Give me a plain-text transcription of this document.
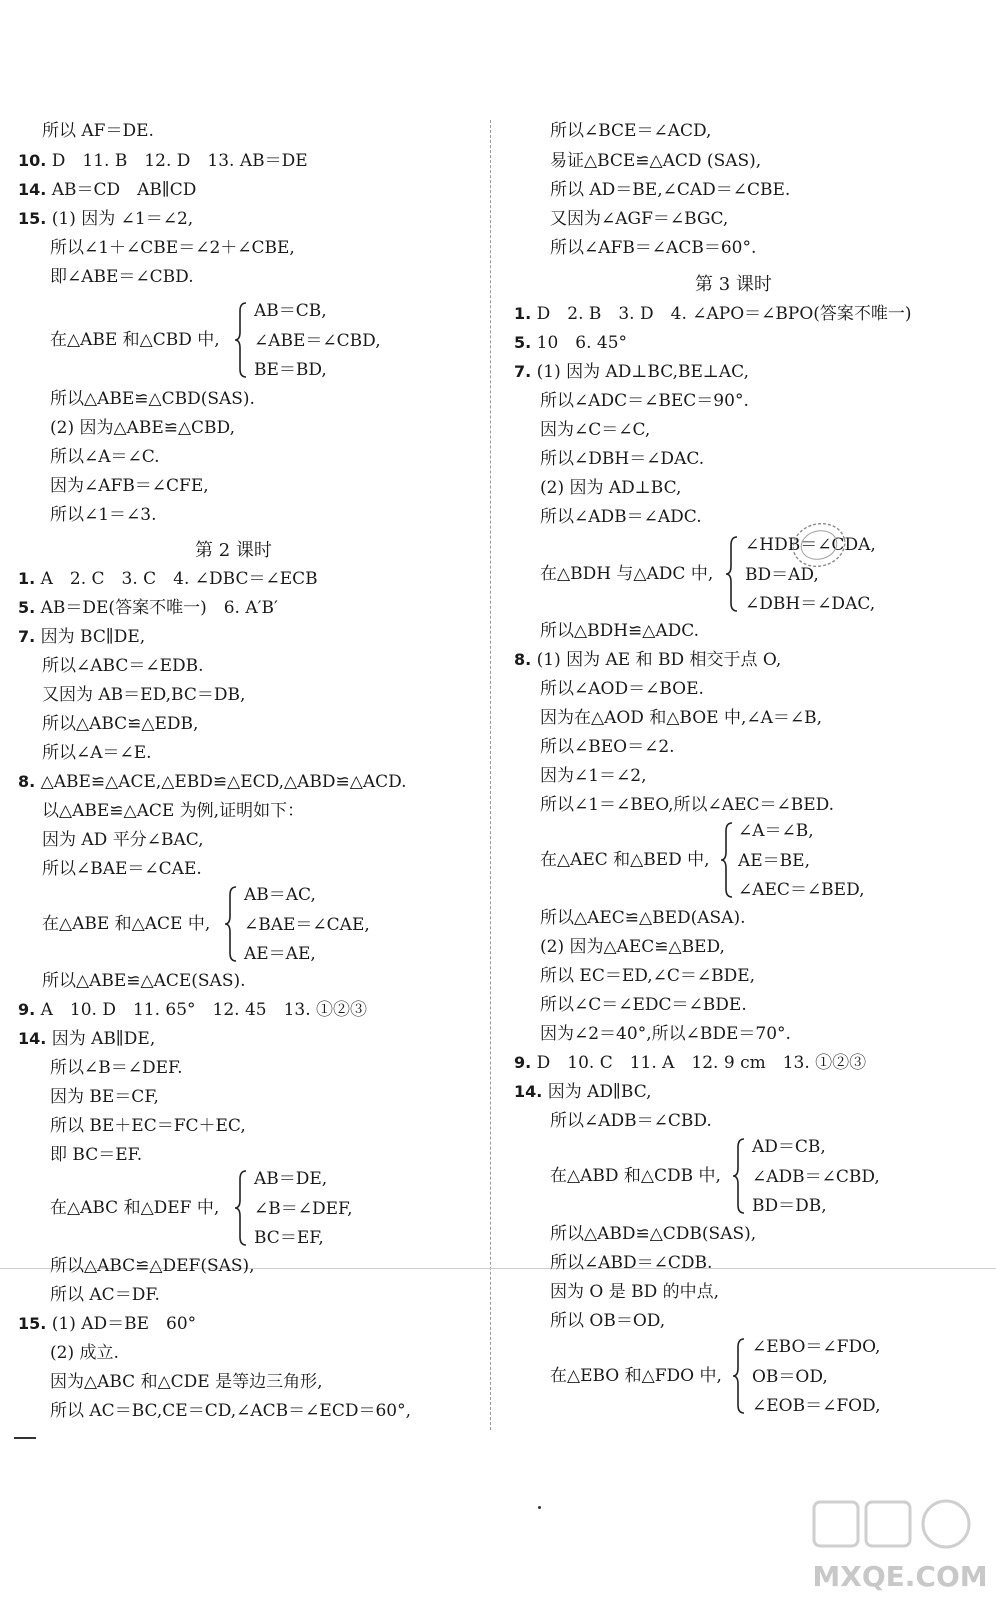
所以 AF＝DE.
10. D　11. B　12. D　13. AB＝DE
14. AB＝CD　AB∥CD
15. (1) 因为 ∠1＝∠2,
所以∠1＋∠CBE＝∠2＋∠CBE,
即∠ABE＝∠CBD.
在△ABE 和△CBD 中,
AB＝CB,
∠ABE＝∠CBD,
BE＝BD,
所以△ABE≌△CBD(SAS).
(2) 因为△ABE≌△CBD,
所以∠A＝∠C.
因为∠AFB＝∠CFE,
所以∠1＝∠3.
第 2 课时
1. A　2. C　3. C　4. ∠DBC＝∠ECB
5. AB＝DE(答案不唯一)　6. A′B′
7. 因为 BC∥DE,
所以∠ABC＝∠EDB.
又因为 AB＝ED,BC＝DB,
所以△ABC≌△EDB,
所以∠A＝∠E.
8. △ABE≌△ACE,△EBD≌△ECD,△ABD≌△ACD.
以△ABE≌△ACE 为例,证明如下：
因为 AD 平分∠BAC,
所以∠BAE＝∠CAE.
在△ABE 和△ACE 中,
AB＝AC,
∠BAE＝∠CAE,
AE＝AE,
所以△ABE≌△ACE(SAS).
9. A　10. D　11. 65°　12. 45　13. ①②③
14. 因为 AB∥DE,
所以∠B＝∠DEF.
因为 BE＝CF,
所以 BE＋EC＝FC＋EC,
即 BC＝EF.
在△ABC 和△DEF 中,
AB＝DE,
∠B＝∠DEF,
BC＝EF,
所以△ABC≌△DEF(SAS),
所以 AC＝DF.
15. (1) AD＝BE　60°
(2) 成立.
因为△ABC 和△CDE 是等边三角形,
所以 AC＝BC,CE＝CD,∠ACB＝∠ECD＝60°,
所以∠BCE＝∠ACD,
易证△BCE≌△ACD (SAS),
所以 AD＝BE,∠CAD＝∠CBE.
又因为∠AGF＝∠BGC,
所以∠AFB＝∠ACB＝60°.
第 3 课时
1. D　2. B　3. D　4. ∠APO＝∠BPO(答案不唯一)
5. 10　6. 45°
7. (1) 因为 AD⊥BC,BE⊥AC,
所以∠ADC＝∠BEC＝90°.
因为∠C＝∠C,
所以∠DBH＝∠DAC.
(2) 因为 AD⊥BC,
所以∠ADB＝∠ADC.
在△BDH 与△ADC 中,
∠HDB＝∠CDA,
BD＝AD,
∠DBH＝∠DAC,
所以△BDH≌△ADC.
8. (1) 因为 AE 和 BD 相交于点 O,
所以∠AOD＝∠BOE.
因为在△AOD 和△BOE 中,∠A＝∠B,
所以∠BEO＝∠2.
因为∠1＝∠2,
所以∠1＝∠BEO,所以∠AEC＝∠BED.
在△AEC 和△BED 中,
∠A＝∠B,
AE＝BE,
∠AEC＝∠BED,
所以△AEC≌△BED(ASA).
(2) 因为△AEC≌△BED,
所以 EC＝ED,∠C＝∠BDE,
所以∠C＝∠EDC＝∠BDE.
因为∠2＝40°,所以∠BDE＝70°.
9. D　10. C　11. A　12. 9 cm　13. ①②③
14. 因为 AD∥BC,
所以∠ADB＝∠CBD.
在△ABD 和△CDB 中,
AD＝CB,
∠ADB＝∠CBD,
BD＝DB,
所以△ABD≌△CDB(SAS),
所以∠ABD＝∠CDB.
因为 O 是 BD 的中点,
所以 OB＝OD,
在△EBO 和△FDO 中,
∠EBO＝∠FDO,
OB＝OD,
∠EOB＝∠FOD,
MXQE.COM
